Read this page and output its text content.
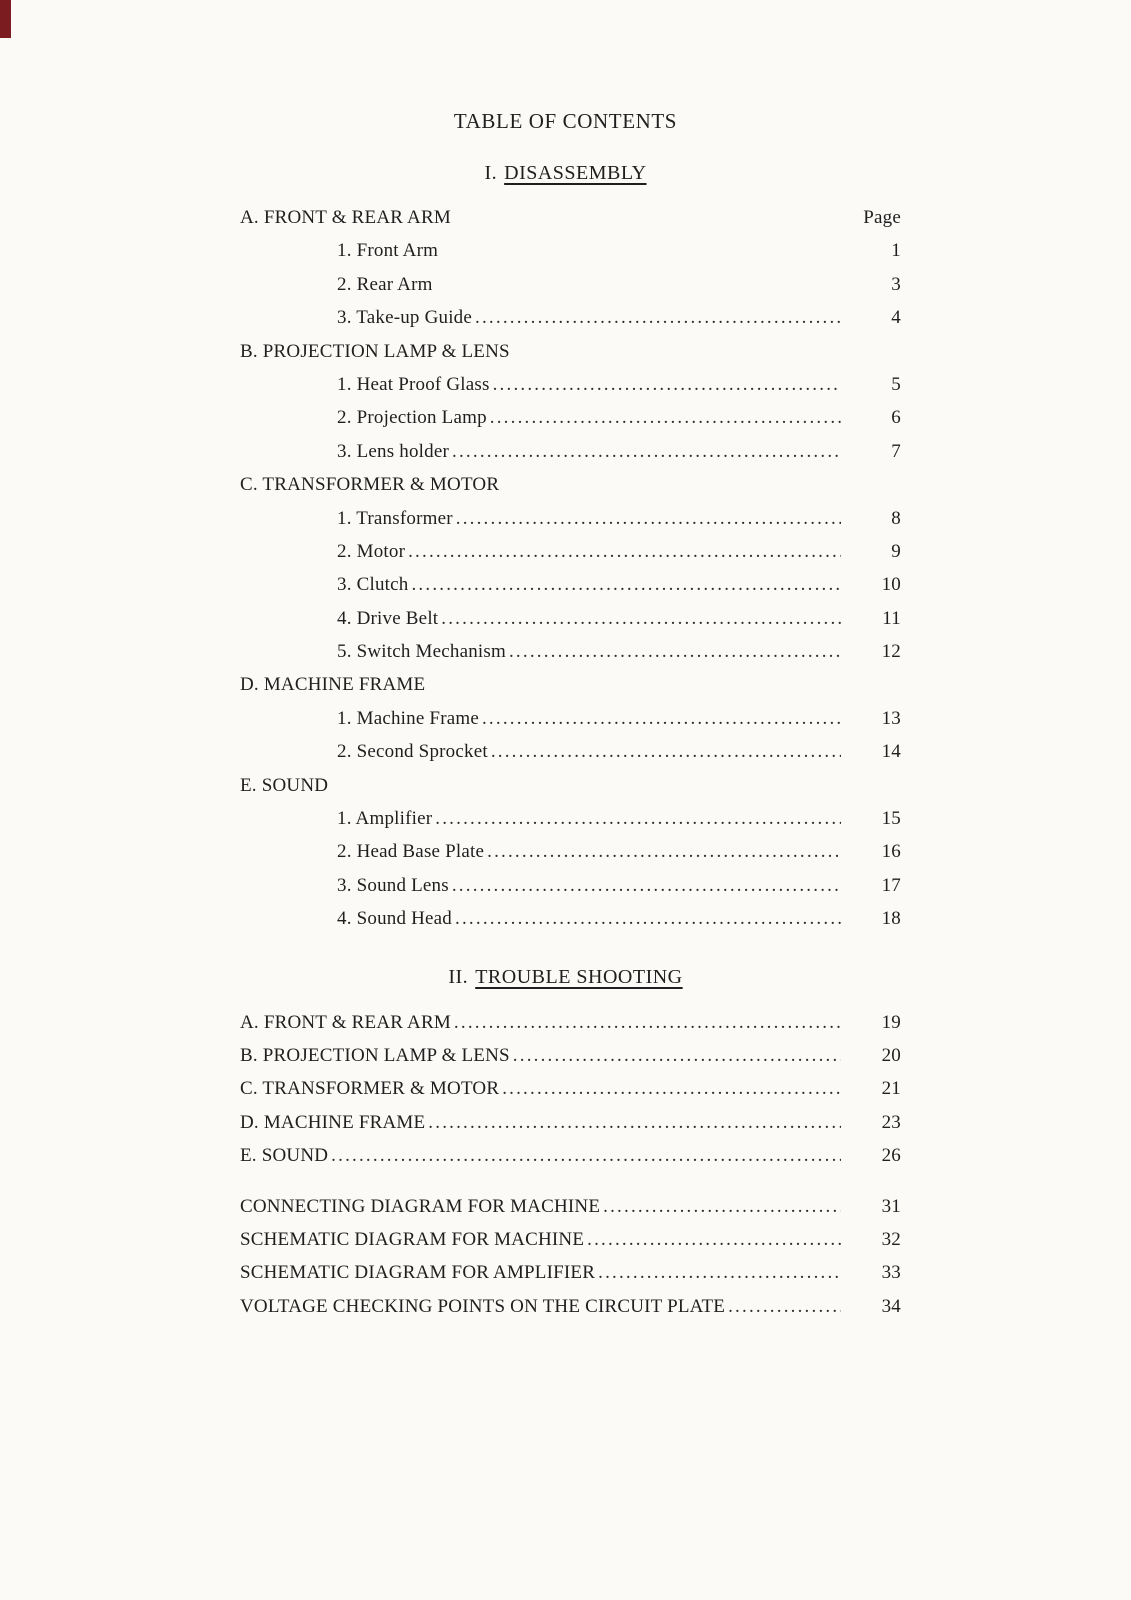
TABLE OF CONTENTS
I. DISASSEMBLY
A. FRONT & REAR ARM	Page
1. Front Arm	1
2. Rear Arm	3
3. Take-up Guide .....	4
B. PROJECTION LAMP & LENS
1. Heat Proof Glass .....	5
2. Projection Lamp .....	6
3. Lens holder .....	7
C. TRANSFORMER & MOTOR
1. Transformer .....	8
2. Motor .....	9
3. Clutch .....	10
4. Drive Belt .....	11
5. Switch Mechanism .....	12
D. MACHINE FRAME
1. Machine Frame .....	13
2. Second Sprocket .....	14
E. SOUND
1. Amplifier .....	15
2. Head Base Plate .....	16
3. Sound Lens .....	17
4. Sound Head .....	18
II. TROUBLE SHOOTING
A. FRONT & REAR ARM .....	19
B. PROJECTION LAMP & LENS .....	20
C. TRANSFORMER & MOTOR .....	21
D. MACHINE FRAME .....	23
E. SOUND .....	26
CONNECTING DIAGRAM FOR MACHINE .....	31
SCHEMATIC DIAGRAM FOR MACHINE .....	32
SCHEMATIC DIAGRAM FOR AMPLIFIER .....	33
VOLTAGE CHECKING POINTS ON THE CIRCUIT PLATE .....	34
